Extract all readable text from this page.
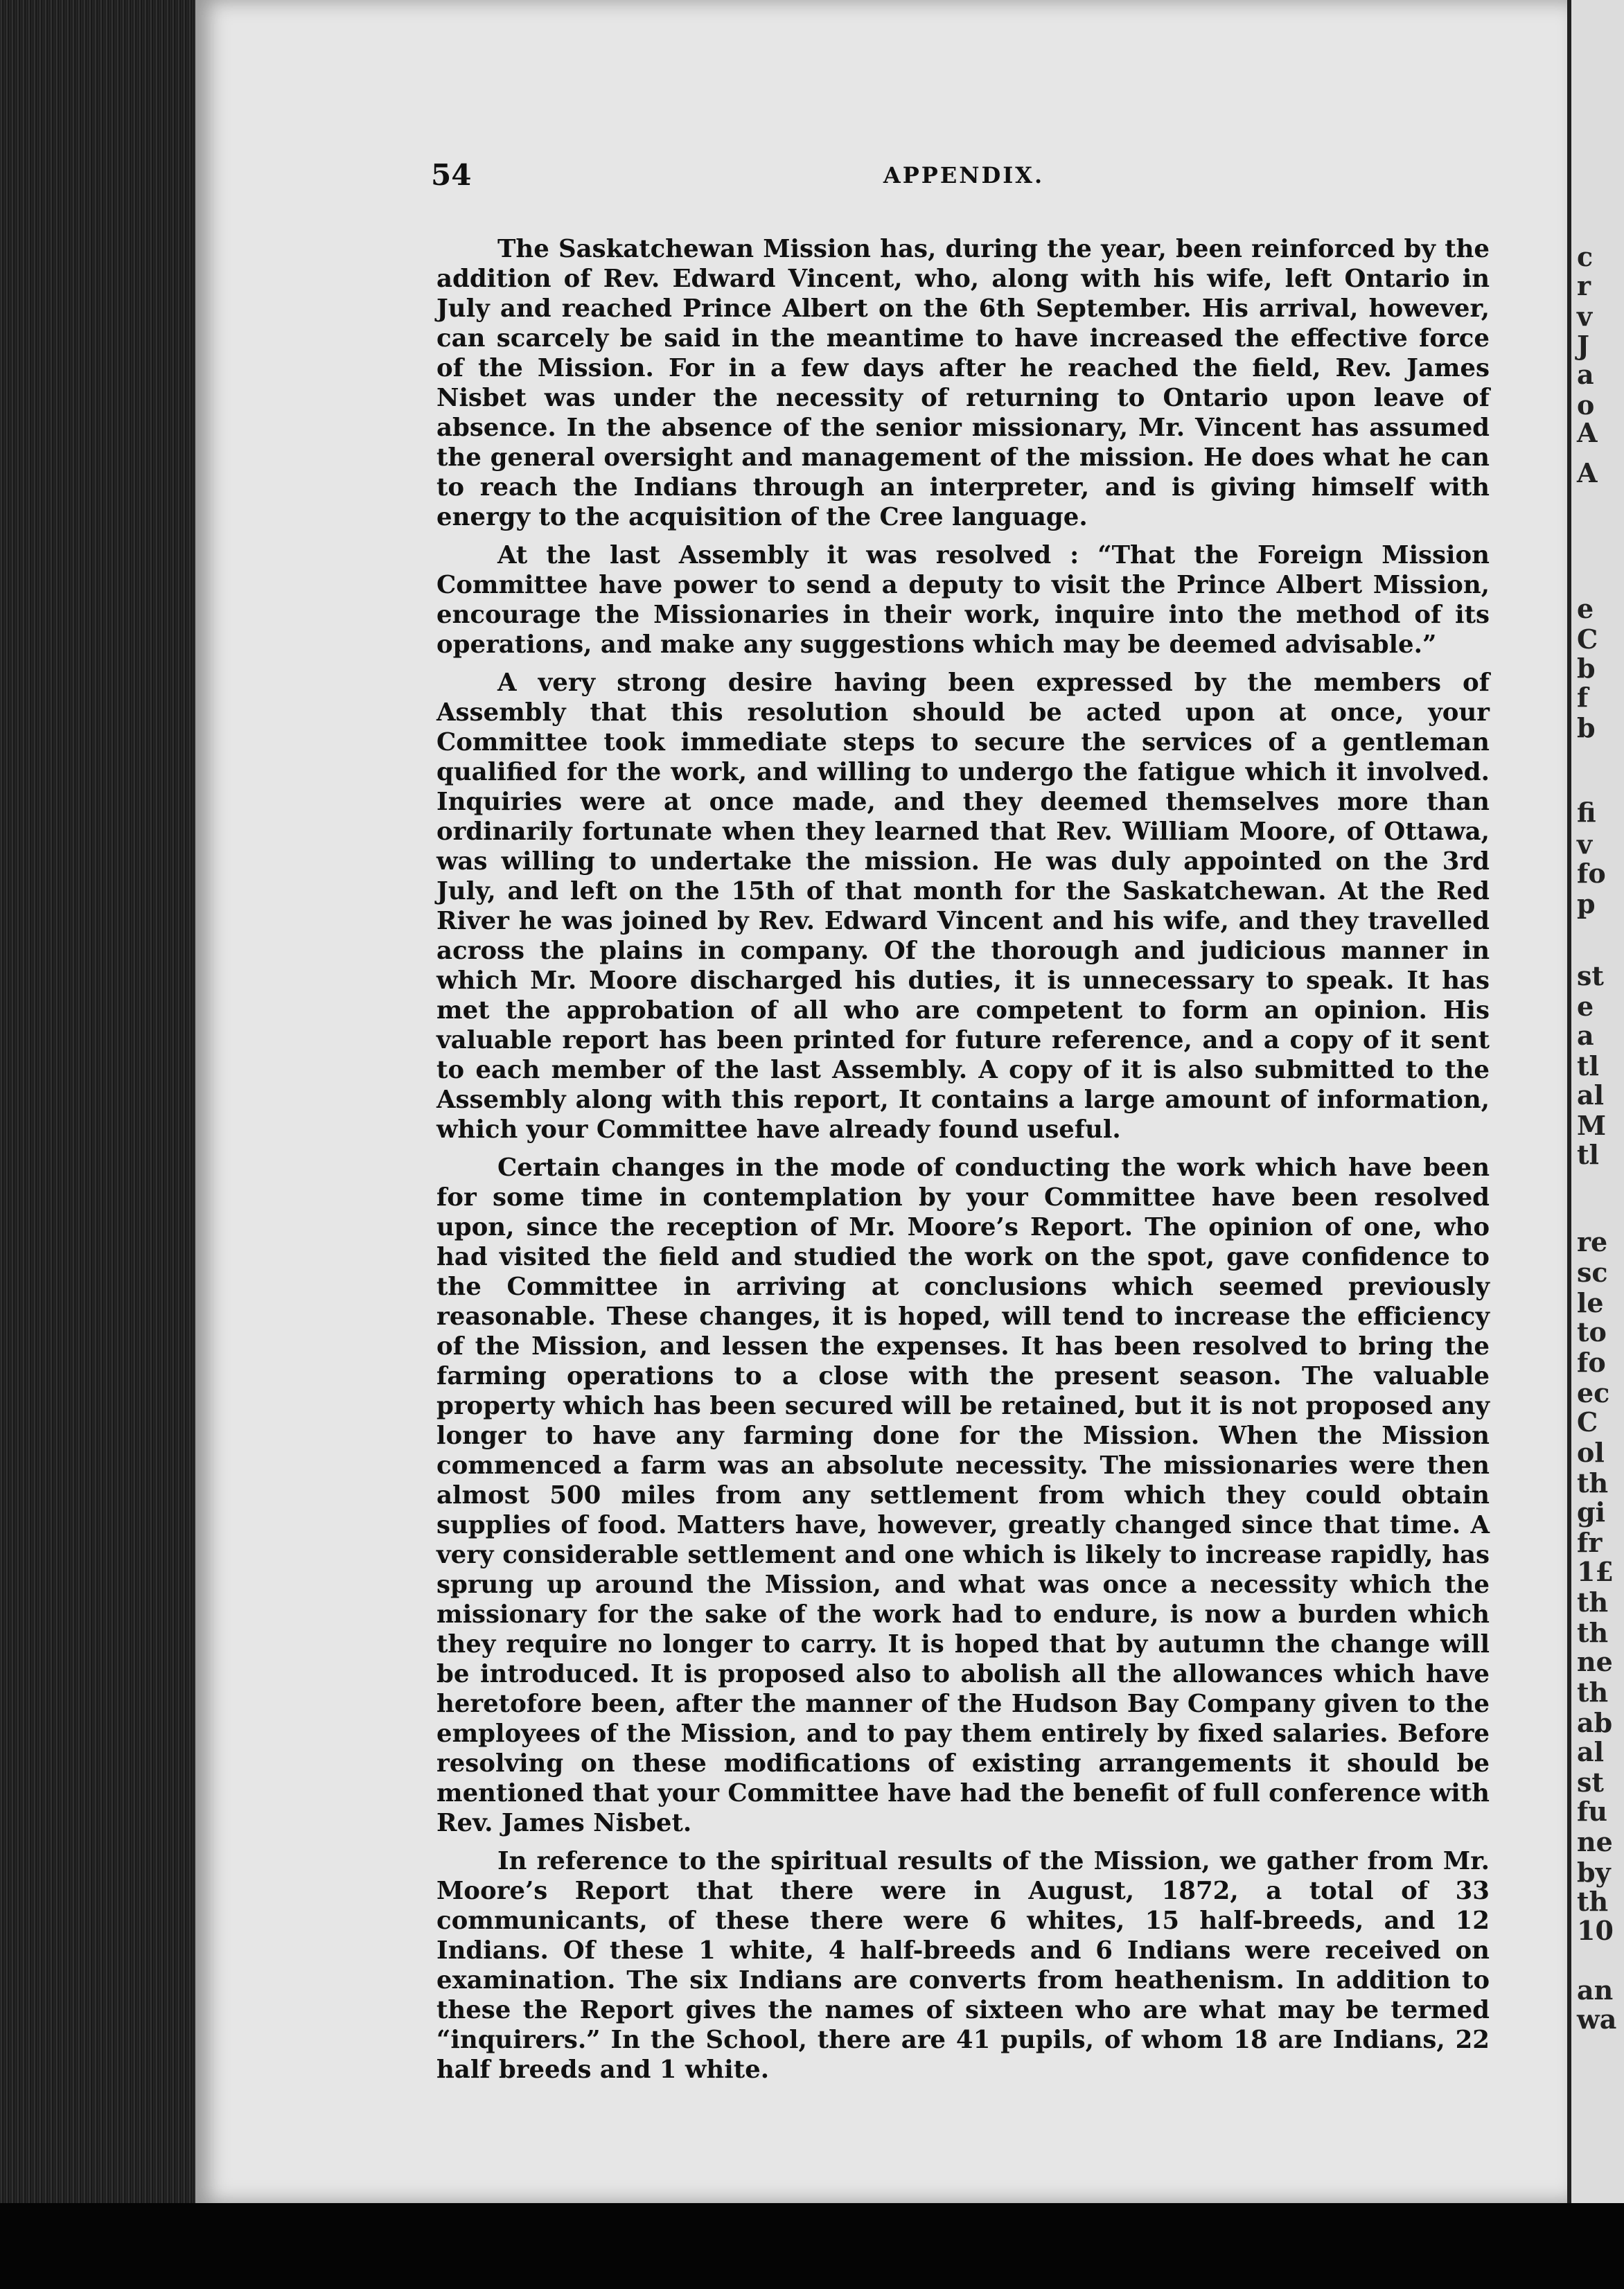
c
r
v
J
a
o
A
A
e
C
b
f
b
fi
v
fo
p
st
e
a
tl
al
M
tl
re
sc
le
to
fo
ec
C
ol
th
gi
fr
1£
th
th
ne
th
ab
al
st
fu
ne
by
th
10
an
wa
54	APPENDIX.

The Saskatchewan Mission has, during the year, been reinforced by the addition of Rev. Edward Vincent, who, along with his wife, left Ontario in July and reached Prince Albert on the 6th September. His arrival, however, can scarcely be said in the meantime to have increased the effective force of the Mission. For in a few days after he reached the field, Rev. James Nisbet was under the necessity of returning to Ontario upon leave of absence. In the absence of the senior missionary, Mr. Vincent has assumed the general oversight and management of the mission. He does what he can to reach the Indians through an interpreter, and is giving himself with energy to the acquisition of the Cree language.

At the last Assembly it was resolved : “That the Foreign Mission Committee have power to send a deputy to visit the Prince Albert Mission, encourage the Missionaries in their work, inquire into the method of its operations, and make any suggestions which may be deemed advisable.”

A very strong desire having been expressed by the members of Assembly that this resolution should be acted upon at once, your Committee took immediate steps to secure the services of a gentleman qualified for the work, and willing to undergo the fatigue which it involved. Inquiries were at once made, and they deemed themselves more than ordinarily fortunate when they learned that Rev. William Moore, of Ottawa, was willing to undertake the mission. He was duly appointed on the 3rd July, and left on the 15th of that month for the Saskatchewan. At the Red River he was joined by Rev. Edward Vincent and his wife, and they travelled across the plains in company. Of the thorough and judicious manner in which Mr. Moore discharged his duties, it is unnecessary to speak. It has met the approbation of all who are competent to form an opinion. His valuable report has been printed for future reference, and a copy of it sent to each member of the last Assembly. A copy of it is also submitted to the Assembly along with this report, It contains a large amount of information, which your Committee have already found useful.

Certain changes in the mode of conducting the work which have been for some time in contemplation by your Committee have been resolved upon, since the reception of Mr. Moore’s Report. The opinion of one, who had visited the field and studied the work on the spot, gave confidence to the Committee in arriving at conclusions which seemed previously reasonable. These changes, it is hoped, will tend to increase the efficiency of the Mission, and lessen the expenses. It has been resolved to bring the farming operations to a close with the present season. The valuable property which has been secured will be retained, but it is not proposed any longer to have any farming done for the Mission. When the Mission commenced a farm was an absolute necessity. The missionaries were then almost 500 miles from any settlement from which they could obtain supplies of food. Matters have, however, greatly changed since that time. A very considerable settlement and one which is likely to increase rapidly, has sprung up around the Mission, and what was once a necessity which the missionary for the sake of the work had to endure, is now a burden which they require no longer to carry. It is hoped that by autumn the change will be introduced. It is proposed also to abolish all the allowances which have heretofore been, after the manner of the Hudson Bay Company given to the employees of the Mission, and to pay them entirely by fixed salaries. Before resolving on these modifications of existing arrangements it should be mentioned that your Committee have had the benefit of full conference with Rev. James Nisbet.

In reference to the spiritual results of the Mission, we gather from Mr. Moore’s Report that there were in August, 1872, a total of 33 communicants, of these there were 6 whites, 15 half-breeds, and 12 Indians. Of these 1 white, 4 half-breeds and 6 Indians were received on examination. The six Indians are converts from heathenism. In addition to these the Report gives the names of sixteen who are what may be termed “inquirers.” In the School, there are 41 pupils, of whom 18 are Indians, 22 half breeds and 1 white.
